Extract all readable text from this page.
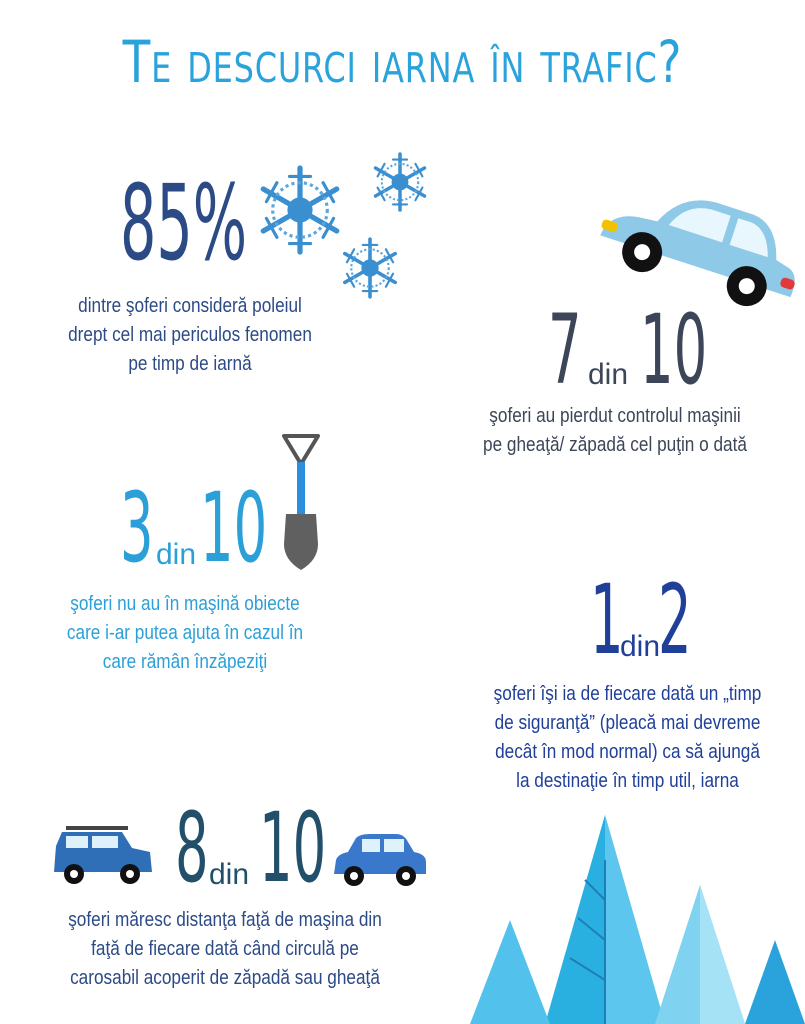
Te descurci iarna în trafic?
85%
dintre şoferi consideră poleiul
drept cel mai periculos fenomen
pe timp de iarnă	7 din 10
şoferi au pierdut controlul maşinii
pe gheaţă/ zăpadă cel puţin o dată
3 din 10
şoferi nu au în maşină obiecte
care i-ar putea ajuta în cazul în
care rămân înzăpeziţi	1
din
2
şoferi îşi ia de fiecare dată un „timp
de siguranţă” (pleacă mai devreme
decât în mod normal) ca să ajungă
la destinaţie în timp util, iarna
8 din 10
şoferi măresc distanţa faţă de maşina din
faţă de fiecare dată când circulă pe
carosabil acoperit de zăpadă sau gheaţă
